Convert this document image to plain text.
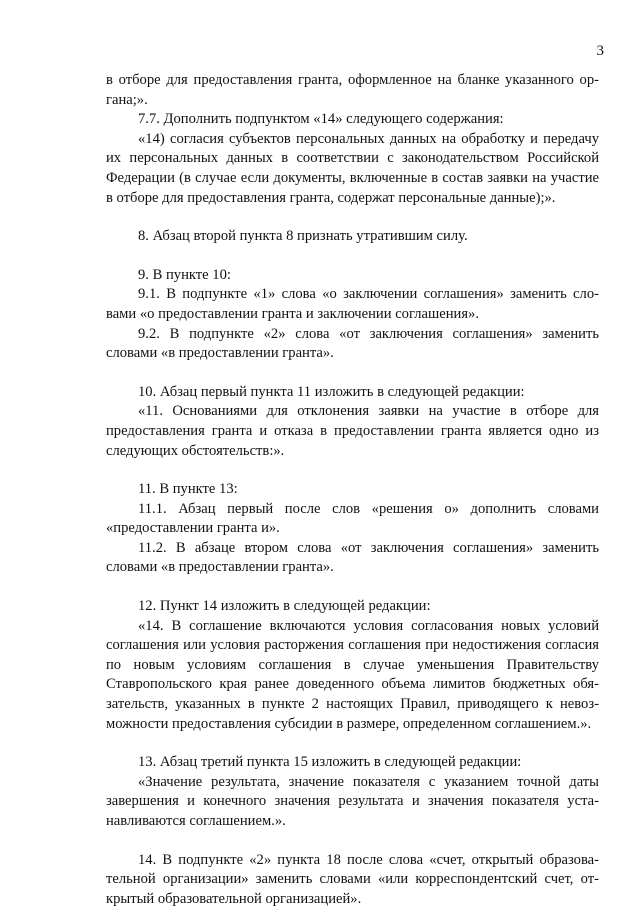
3

в отборе для предоставления гранта, оформленное на бланке указанного органа;».

7.7. Дополнить подпунктом «14» следующего содержания:

«14) согласия субъектов персональных данных на обработку и передачу их персональных данных в соответствии с законодательством Российской Федерации (в случае если документы, включенные в состав заявки на участие в отборе для предоставления гранта, содержат персональные данные);».

8. Абзац второй пункта 8 признать утратившим силу.

9. В пункте 10:

9.1. В подпункте «1» слова «о заключении соглашения» заменить словами «о предоставлении гранта и заключении соглашения».

9.2. В подпункте «2» слова «от заключения соглашения» заменить словами «в предоставлении гранта».

10. Абзац первый пункта 11 изложить в следующей редакции:

«11. Основаниями для отклонения заявки на участие в отборе для предоставления гранта и отказа в предоставлении гранта является одно из следующих обстоятельств:».

11. В пункте 13:

11.1. Абзац первый после слов «решения о» дополнить словами «предоставлении гранта и».

11.2. В абзаце втором слова «от заключения соглашения» заменить словами «в предоставлении гранта».

12. Пункт 14 изложить в следующей редакции:

«14. В соглашение включаются условия согласования новых условий соглашения или условия расторжения соглашения при недостижения согласия по новым условиям соглашения в случае уменьшения Правительству Ставропольского края ранее доведенного объема лимитов бюджетных обязательств, указанных в пункте 2 настоящих Правил, приводящего к невозможности предоставления субсидии в размере, определенном соглашением.».

13. Абзац третий пункта 15 изложить в следующей редакции:

«Значение результата, значение показателя с указанием точной даты завершения и конечного значения результата и значения показателя устанавливаются соглашением.».

14. В подпункте «2» пункта 18 после слова «счет, открытый образовательной организации» заменить словами «или корреспондентский счет, открытый образовательной организацией».
